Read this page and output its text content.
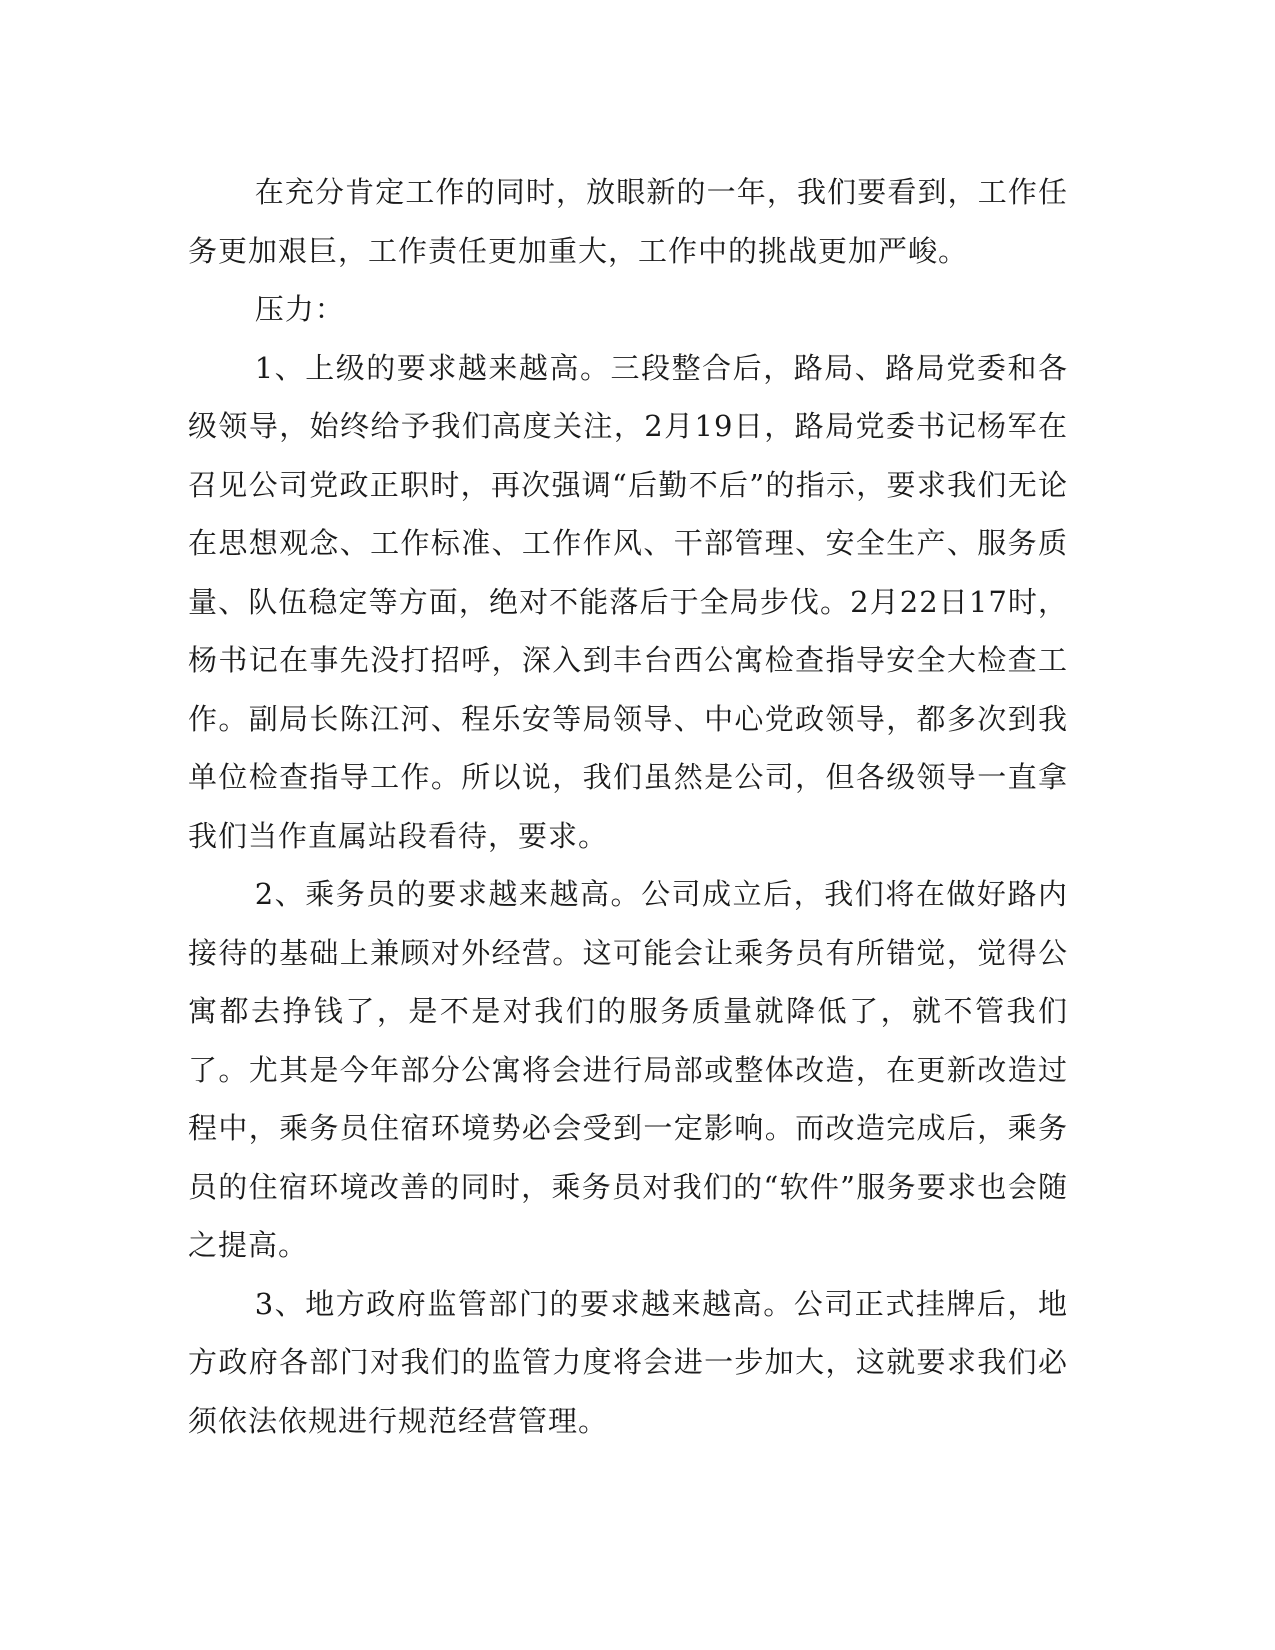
在充分肯定工作的同时，放眼新的一年，我们要看到，工作任务更加艰巨，工作责任更加重大，工作中的挑战更加严峻。

压力：

1、上级的要求越来越高。三段整合后，路局、路局党委和各级领导，始终给予我们高度关注，2月19日，路局党委书记杨军在召见公司党政正职时，再次强调“后勤不后”的指示，要求我们无论在思想观念、工作标准、工作作风、干部管理、安全生产、服务质量、队伍稳定等方面，绝对不能落后于全局步伐。2月22日17时，杨书记在事先没打招呼，深入到丰台西公寓检查指导安全大检查工作。副局长陈江河、程乐安等局领导、中心党政领导，都多次到我单位检查指导工作。所以说，我们虽然是公司，但各级领导一直拿我们当作直属站段看待，要求。

2、乘务员的要求越来越高。公司成立后，我们将在做好路内接待的基础上兼顾对外经营。这可能会让乘务员有所错觉，觉得公寓都去挣钱了，是不是对我们的服务质量就降低了，就不管我们了。尤其是今年部分公寓将会进行局部或整体改造，在更新改造过程中，乘务员住宿环境势必会受到一定影响。而改造完成后，乘务员的住宿环境改善的同时，乘务员对我们的“软件”服务要求也会随之提高。

3、地方政府监管部门的要求越来越高。公司正式挂牌后，地方政府各部门对我们的监管力度将会进一步加大，这就要求我们必须依法依规进行规范经营管理。
